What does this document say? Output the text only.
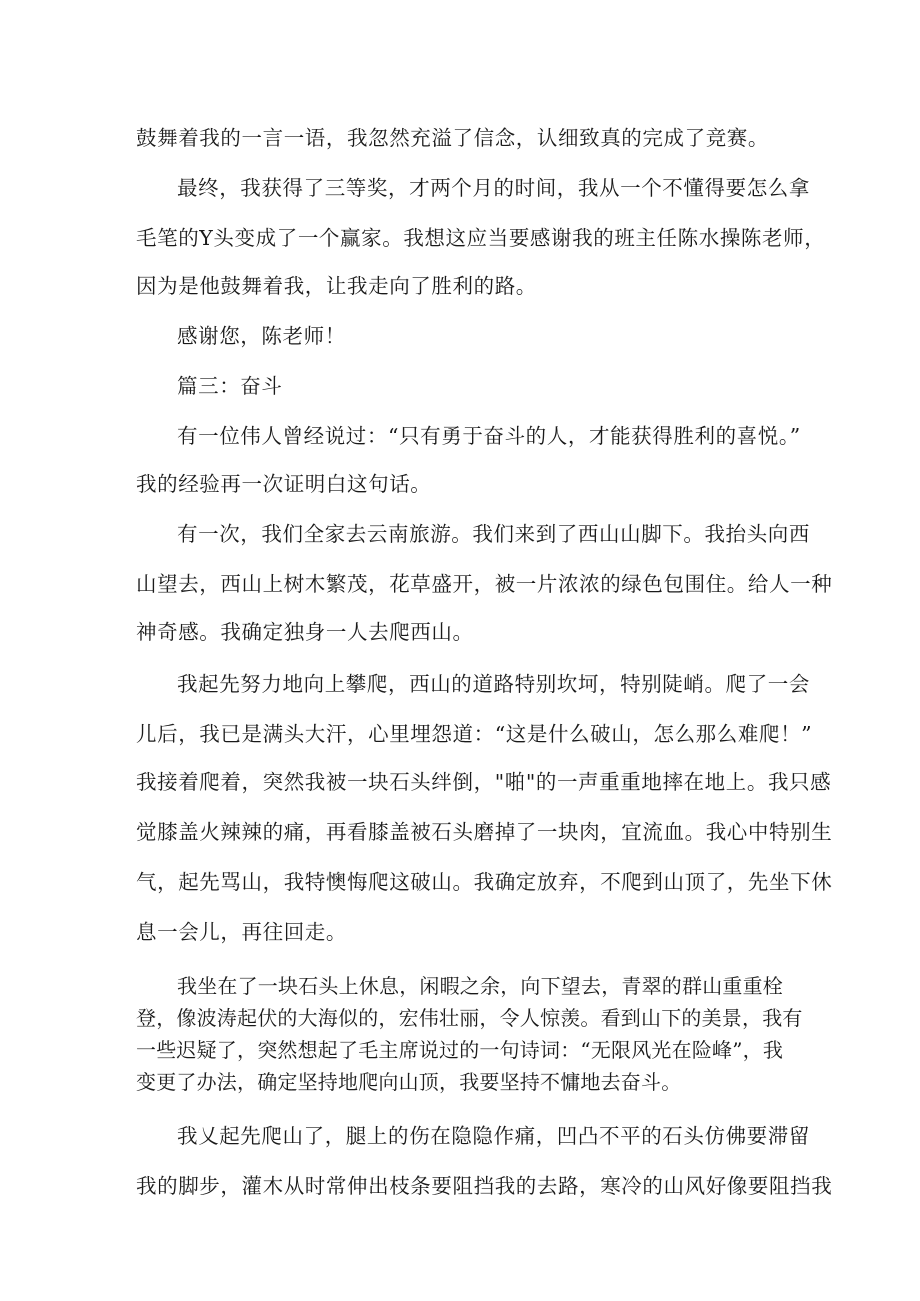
鼓舞着我的一言一语，我忽然充溢了信念，认细致真的完成了竞赛。
最终，我获得了三等奖，才两个月的时间，我从一个不懂得要怎么拿
毛笔的Y头变成了一个赢家。我想这应当要感谢我的班主任陈水操陈老师，
因为是他鼓舞着我，让我走向了胜利的路。
感谢您，陈老师！
篇三：奋斗
有一位伟人曾经说过：“只有勇于奋斗的人，才能获得胜利的喜悦。”
我的经验再一次证明白这句话。
有一次，我们全家去云南旅游。我们来到了西山山脚下。我抬头向西
山望去，西山上树木繁茂，花草盛开，被一片浓浓的绿色包围住。给人一种
神奇感。我确定独身一人去爬西山。
我起先努力地向上攀爬，西山的道路特别坎坷，特别陡峭。爬了一会
儿后，我已是满头大汗，心里埋怨道：“这是什么破山，怎么那么难爬！”
我接着爬着，突然我被一块石头绊倒，"啪"的一声重重地摔在地上。我只感
觉膝盖火辣辣的痛，再看膝盖被石头磨掉了一块肉，宜流血。我心中特别生
气，起先骂山，我特懊悔爬这破山。我确定放弃，不爬到山顶了，先坐下休
息一会儿，再往回走。
我坐在了一块石头上休息，闲暇之余，向下望去，青翠的群山重重栓
登，像波涛起伏的大海似的，宏伟壮丽，令人惊羡。看到山下的美景，我有
一些迟疑了，突然想起了毛主席说过的一句诗词：“无限风光在险峰”，我
变更了办法，确定坚持地爬向山顶，我要坚持不慵地去奋斗。
我乂起先爬山了，腿上的伤在隐隐作痛，凹凸不平的石头仿佛要滞留
我的脚步，灌木从时常伸出枝条要阻挡我的去路，寒冷的山风好像要阻挡我
